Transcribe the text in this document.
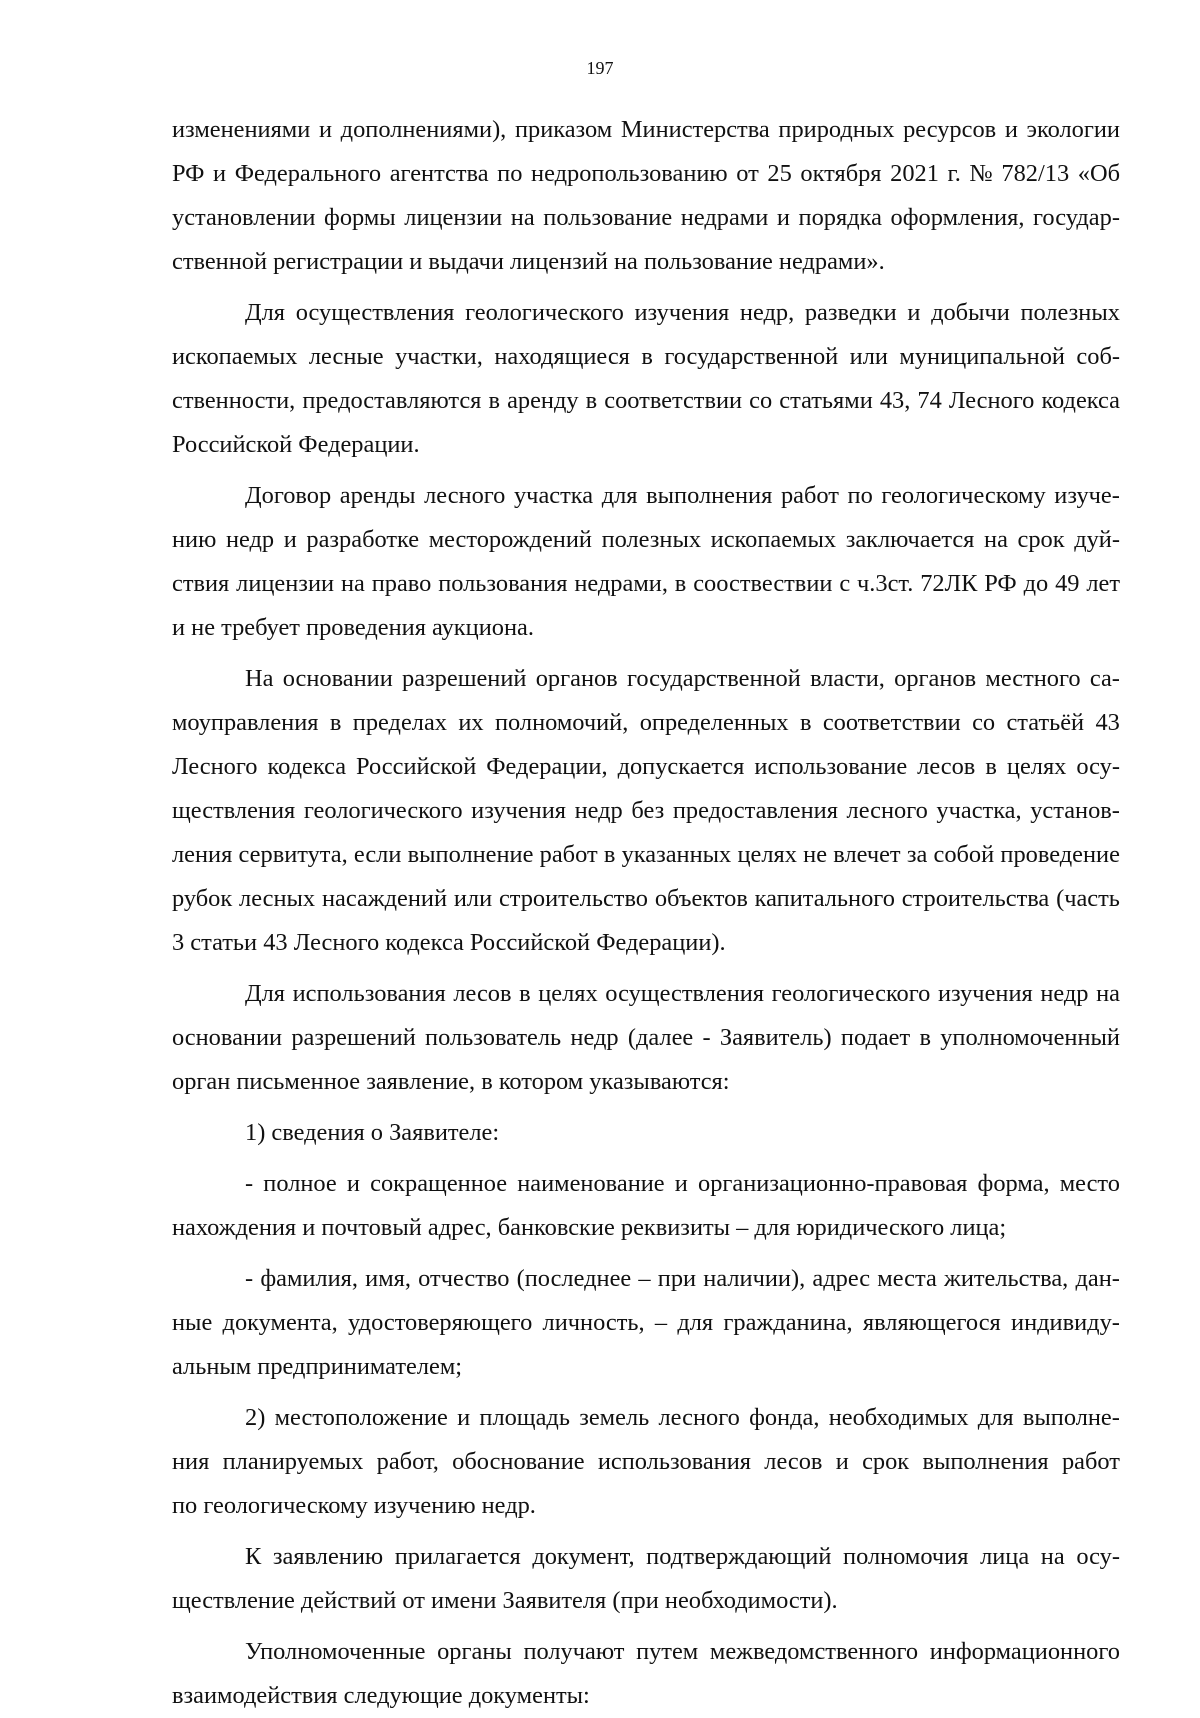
197
изменениями и дополнениями), приказом Министерства природных ресурсов и экологии
РФ и Федерального агентства по недропользованию от 25 октября 2021 г. № 782/13 «Об
установлении формы лицензии на пользование недрами и порядка оформления, государ-
ственной регистрации и выдачи лицензий на пользование недрами».
Для осуществления геологического изучения недр, разведки и добычи полезных
ископаемых лесные участки, находящиеся в государственной или муниципальной соб-
ственности, предоставляются в аренду в соответствии со статьями 43, 74 Лесного кодекса
Российской Федерации.
Договор аренды лесного участка для выполнения работ по геологическому изуче-
нию недр и разработке месторождений полезных ископаемых заключается на срок дуй-
ствия лицензии на право пользования недрами, в сооствествии с ч.3ст. 72ЛК РФ до 49 лет
и не требует проведения аукциона.
На основании разрешений органов государственной власти, органов местного са-
моуправления в пределах их полномочий, определенных в соответствии со статьёй 43
Лесного кодекса Российской Федерации, допускается использование лесов в целях осу-
ществления геологического изучения недр без предоставления лесного участка, установ-
ления сервитута, если выполнение работ в указанных целях не влечет за собой проведение
рубок лесных насаждений или строительство объектов капитального строительства (часть
3 статьи 43 Лесного кодекса Российской Федерации).
Для использования лесов в целях осуществления геологического изучения недр на
основании разрешений пользователь недр (далее - Заявитель) подает в уполномоченный
орган письменное заявление, в котором указываются:
1) сведения о Заявителе:
- полное и сокращенное наименование и организационно-правовая форма, место
нахождения и почтовый адрес, банковские реквизиты – для юридического лица;
- фамилия, имя, отчество (последнее – при наличии), адрес места жительства, дан-
ные документа, удостоверяющего личность, – для гражданина, являющегося индивиду-
альным предпринимателем;
2) местоположение и площадь земель лесного фонда, необходимых для выполне-
ния планируемых работ, обоснование использования лесов и срок выполнения работ
по геологическому изучению недр.
К заявлению прилагается документ, подтверждающий полномочия лица на осу-
ществление действий от имени Заявителя (при необходимости).
Уполномоченные органы получают путем межведомственного информационного
взаимодействия следующие документы:
